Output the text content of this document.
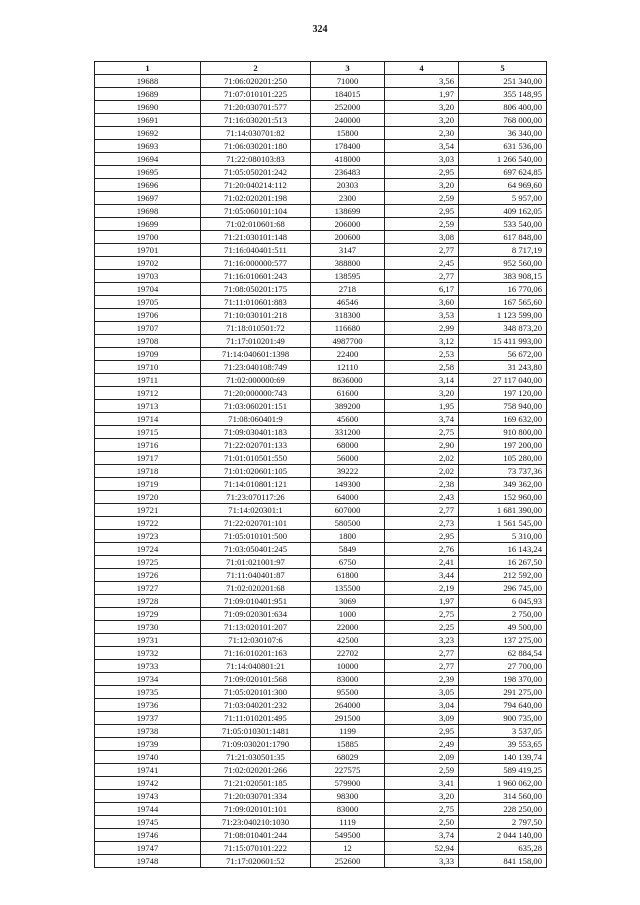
324
1	2	3	4	5
19688	71:06:020201:250	71000	3,56	251 340,00
19689	71:07:010101:225	184015	1,97	355 148,95
19690	71:20:030701:577	252000	3,20	806 400,00
19691	71:16:030201:513	240000	3,20	768 000,00
19692	71:14:030701:82	15800	2,30	36 340,00
19693	71:06:030201:180	178400	3,54	631 536,00
19694	71:22:080103:83	418000	3,03	1 266 540,00
19695	71:05:050201:242	236483	2,95	697 624,85
19696	71:20:040214:112	20303	3,20	64 969,60
19697	71:02:020201:198	2300	2,59	5 957,00
19698	71:05:060101:104	138699	2,95	409 162,05
19699	71:02:010601:68	206000	2,59	533 540,00
19700	71:21:030101:148	200600	3,08	617 848,00
19701	71:16:040401:511	3147	2,77	8 717,19
19702	71:16:000000:577	388800	2,45	952 560,00
19703	71:16:010601:243	138595	2,77	383 908,15
19704	71:08:050201:175	2718	6,17	16 770,06
19705	71:11:010601:883	46546	3,60	167 565,60
19706	71:10:030101:218	318300	3,53	1 123 599,00
19707	71:18:010501:72	116680	2,99	348 873,20
19708	71:17:010201:49	4987700	3,12	15 411 993,00
19709	71:14:040601:1398	22400	2,53	56 672,00
19710	71:23:040108:749	12110	2,58	31 243,80
19711	71:02:000000:69	8636000	3,14	27 117 040,00
19712	71:20:000000:743	61600	3,20	197 120,00
19713	71:03:060201:151	389200	1,95	758 940,00
19714	71:08:060401:9	45600	3,74	169 632,00
19715	71:09:030401:183	331200	2,75	910 800,00
19716	71:22:020701:133	68000	2,90	197 200,00
19717	71:01:010501:550	56000	2,02	105 280,00
19718	71:01:020601:105	39222	2,02	73 737,36
19719	71:14:010801:121	149300	2,38	349 362,00
19720	71:23:070117:26	64000	2,43	152 960,00
19721	71:14:020301:1	607000	2,77	1 681 390,00
19722	71:22:020701:101	580500	2,73	1 561 545,00
19723	71:05:010101:500	1800	2,95	5 310,00
19724	71:03:050401:245	5849	2,76	16 143,24
19725	71:01:021001:97	6750	2,41	16 267,50
19726	71:11:040401:87	61800	3,44	212 592,00
19727	71:02:020201:68	135500	2,19	296 745,00
19728	71:09:010401:951	3069	1,97	6 045,93
19729	71:09:020301:634	1000	2,75	2 750,00
19730	71:13:020101:207	22000	2,25	49 500,00
19731	71:12:030107:6	42500	3,23	137 275,00
19732	71:16:010201:163	22702	2,77	62 884,54
19733	71:14:040801:21	10000	2,77	27 700,00
19734	71:09:020101:568	83000	2,39	198 370,00
19735	71:05:020101:300	95500	3,05	291 275,00
19736	71:03:040201:232	264000	3,04	794 640,00
19737	71:11:010201:495	291500	3,09	900 735,00
19738	71:05:010301:1481	1199	2,95	3 537,05
19739	71:09:030201:1790	15885	2,49	39 553,65
19740	71:21:030501:35	68029	2,09	140 139,74
19741	71:02:020201:266	227575	2,59	589 419,25
19742	71:21:020501:185	579900	3,41	1 960 062,00
19743	71:20:030701:334	98300	3,20	314 560,00
19744	71:09:020101:101	83000	2,75	228 250,00
19745	71:23:040210:1030	1119	2,50	2 797,50
19746	71:08:010401:244	549500	3,74	2 044 140,00
19747	71:15:070101:222	12	52,94	635,28
19748	71:17:020601:52	252600	3,33	841 158,00
